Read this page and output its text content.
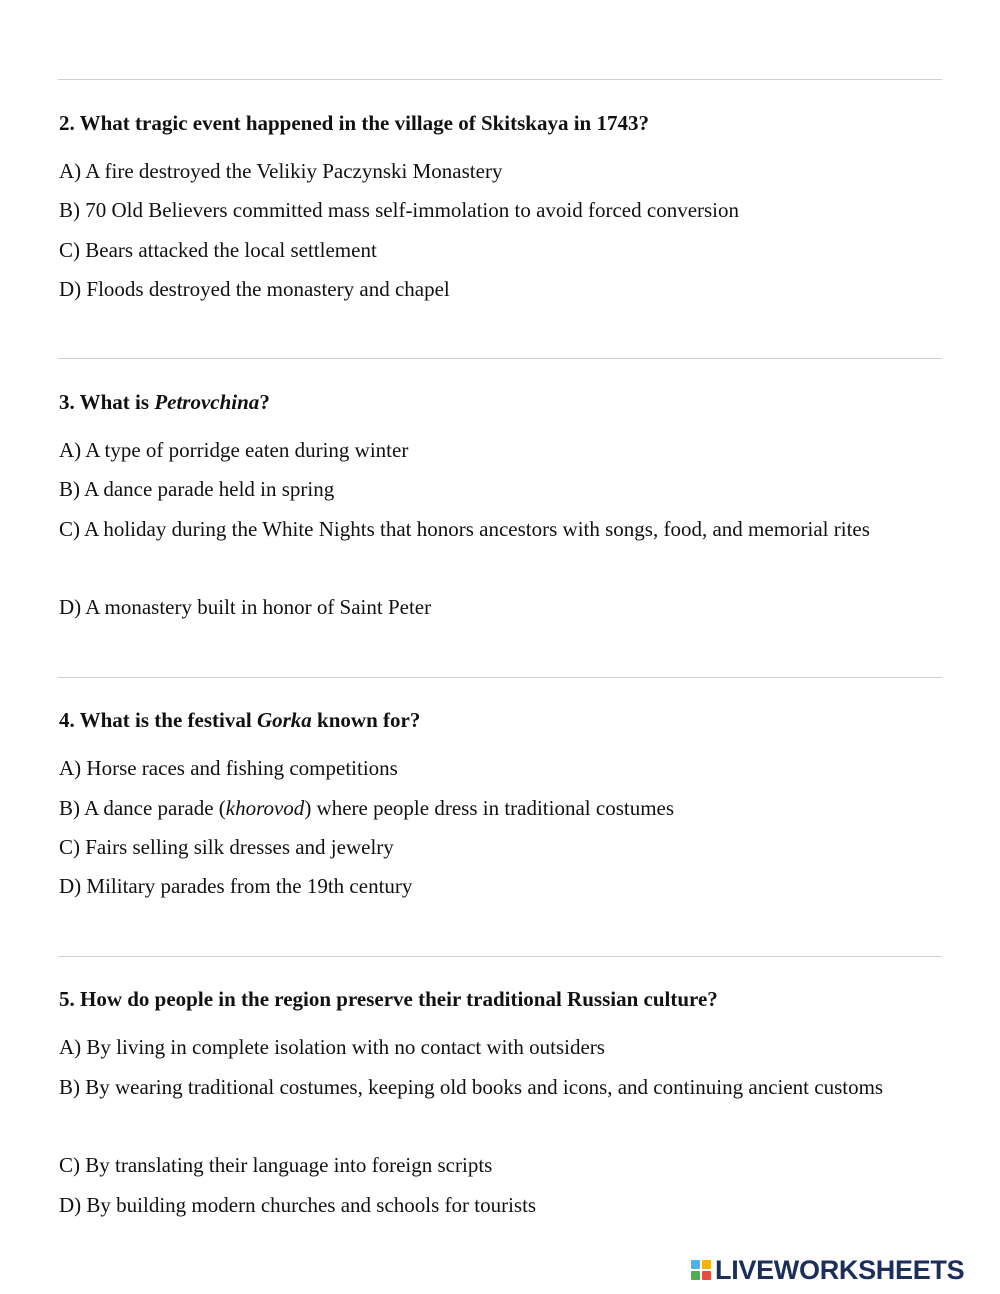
2. What tragic event happened in the village of Skitskaya in 1743?
A) A fire destroyed the Velikiy Paczynski Monastery
B) 70 Old Believers committed mass self-immolation to avoid forced conversion
C) Bears attacked the local settlement
D) Floods destroyed the monastery and chapel
3. What is Petrovchina?
A) A type of porridge eaten during winter
B) A dance parade held in spring
C) A holiday during the White Nights that honors ancestors with songs, food, and memorial rites
D) A monastery built in honor of Saint Peter
4. What is the festival Gorka known for?
A) Horse races and fishing competitions
B) A dance parade (khorovod) where people dress in traditional costumes
C) Fairs selling silk dresses and jewelry
D) Military parades from the 19th century
5. How do people in the region preserve their traditional Russian culture?
A) By living in complete isolation with no contact with outsiders
B) By wearing traditional costumes, keeping old books and icons, and continuing ancient customs
C) By translating their language into foreign scripts
D) By building modern churches and schools for tourists
LIVEWORKSHEETS
